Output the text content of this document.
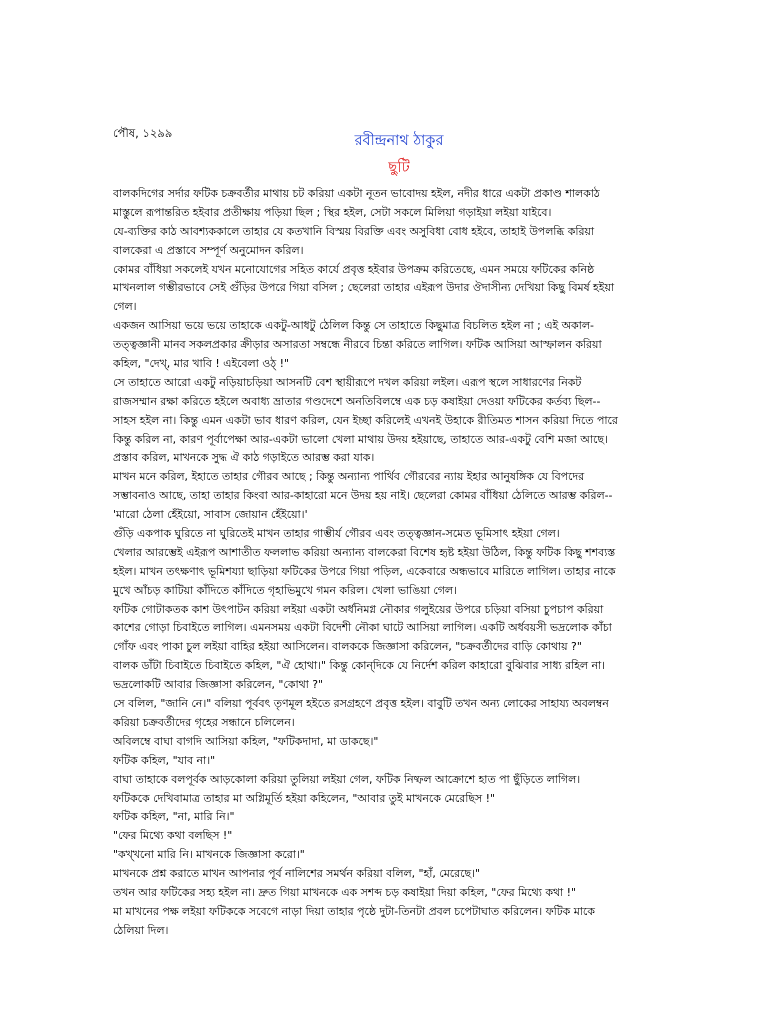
পৌষ, ১২৯৯	রবীন্দ্রনাথ ঠাকুর
ছুটি
বালকদিগের সর্দার ফটিক চক্রবর্তীর মাথায় চট করিয়া একটা নূতন ভাবোদয় হইল, নদীর ধারে একটা প্রকাণ্ড শালকাঠ
মাস্তুলে রূপান্তরিত হইবার প্রতীক্ষায় পড়িয়া ছিল ; স্থির হইল, সেটা সকলে মিলিয়া গড়াইয়া লইয়া যাইবে।
যে-ব্যক্তির কাঠ আবশ্যককালে তাহার যে কতখানি বিস্ময় বিরক্তি এবং অসুবিধা বোধ হইবে, তাহাই উপলব্ধি করিয়া
বালকেরা এ প্রস্তাবে সম্পূর্ণ অনুমোদন করিল।
কোমর বাঁধিয়া সকলেই যখন মনোযোগের সহিত কার্যে প্রবৃত্ত হইবার উপক্রম করিতেছে, এমন সময়ে ফটিকের কনিষ্ঠ
মাখনলাল গম্ভীরভাবে সেই গুঁড়ির উপরে গিয়া বসিল ; ছেলেরা তাহার এইরূপ উদার ঔদাসীন্য দেখিয়া কিছু বিমর্ষ হইয়া
গেল।
একজন আসিয়া ভয়ে ভয়ে তাহাকে একটু-আধটু ঠেলিল কিন্তু সে তাহাতে কিছুমাত্র বিচলিত হইল না ; এই অকাল-
তত্ত্বজ্ঞানী মানব সকলপ্রকার ক্রীড়ার অসারতা সম্বন্ধে নীরবে চিন্তা করিতে লাগিল। ফটিক আসিয়া আস্ফালন করিয়া
কহিল, "দেখ্‌, মার খাবি ! এইবেলা ওঠ্‌ !"
সে তাহাতে আরো একটু নড়িয়াচড়িয়া আসনটি বেশ স্থায়ীরূপে দখল করিয়া লইল। এরূপ স্থলে সাধারণের নিকট
রাজসম্মান রক্ষা করিতে হইলে অবাধ্য ভ্রাতার গণ্ডদেশে অনতিবিলম্বে এক চড় কষাইয়া দেওয়া ফটিকের কর্তব্য ছিল--
সাহস হইল না। কিন্তু এমন একটা ভাব ধারণ করিল, যেন ইচ্ছা করিলেই এখনই উহাকে রীতিমত শাসন করিয়া দিতে পারে
কিন্তু করিল না, কারণ পূর্বাপেক্ষা আর-একটা ভালো খেলা মাথায় উদয় হইয়াছে, তাহাতে আর-একটু বেশি মজা আছে।
প্রস্তাব করিল, মাখনকে সুদ্ধ ঐ কাঠ গড়াইতে আরম্ভ করা যাক।
মাখন মনে করিল, ইহাতে তাহার গৌরব আছে ; কিন্তু অন্যান্য পার্থিব গৌরবের ন্যায় ইহার আনুষঙ্গিক যে বিপদের
সম্ভাবনাও আছে, তাহা তাহার কিংবা আর-কাহারো মনে উদয় হয় নাই। ছেলেরা কোমর বাঁধিয়া ঠেলিতে আরম্ভ করিল--
'মারো ঠেলা হেঁইয়ো, সাবাস জোয়ান হেঁইয়ো।'
গুঁড়ি একপাক ঘুরিতে না ঘুরিতেই মাখন তাহার গাম্ভীর্য গৌরব এবং তত্ত্বজ্ঞান-সমেত ভূমিসাৎ হইয়া গেল।
খেলার আরম্ভেই এইরূপ আশাতীত ফললাভ করিয়া অন্যান্য বালকেরা বিশেষ হৃষ্ট হইয়া উঠিল, কিন্তু ফটিক কিছু শশব্যস্ত
হইল। মাখন তৎক্ষণাৎ ভূমিশয্যা ছাড়িয়া ফটিকের উপরে গিয়া পড়িল, একেবারে অন্ধভাবে মারিতে লাগিল। তাহার নাকে
মুখে আঁচড় কাটিয়া কাঁদিতে কাঁদিতে গৃহাভিমুখে গমন করিল। খেলা ভাঙিয়া গেল।
ফটিক গোটাকতক কাশ উৎপাটন করিয়া লইয়া একটা অর্ধনিমগ্ন নৌকার গলুইয়ের উপরে চড়িয়া বসিয়া চুপচাপ করিয়া
কাশের গোড়া চিবাইতে লাগিল। এমনসময় একটা বিদেশী নৌকা ঘাটে আসিয়া লাগিল। একটি অর্ধবয়সী ভদ্রলোক কাঁচা
গোঁফ এবং পাকা চুল লইয়া বাহির হইয়া আসিলেন। বালককে জিজ্ঞাসা করিলেন, "চক্রবর্তীদের বাড়ি কোথায় ?"
বালক ডাঁটা চিবাইতে চিবাইতে কহিল, "ঐ হোথা।" কিন্তু কোন্‌দিকে যে নির্দেশ করিল কাহারো বুঝিবার সাধ্য রহিল না।
ভদ্রলোকটি আবার জিজ্ঞাসা করিলেন, "কোথা ?"
সে বলিল, "জানি নে।" বলিয়া পূর্ববৎ তৃণমূল হইতে রসগ্রহণে প্রবৃত্ত হইল। বাবুটি তখন অন্য লোকের সাহায্য অবলম্বন
করিয়া চক্রবর্তীদের গৃহের সন্ধানে চলিলেন।
অবিলম্বে বাঘা বাগদি আসিয়া কহিল, "ফটিকদাদা, মা ডাকছে।"
ফটিক কহিল, "যাব না।"
বাঘা তাহাকে বলপূর্বক আড়কোলা করিয়া তুলিয়া লইয়া গেল, ফটিক নিষ্ফল আক্রোশে হাত পা ছুঁড়িতে লাগিল।
ফটিককে দেখিবামাত্র তাহার মা অগ্নিমূর্তি হইয়া কহিলেন, "আবার তুই মাখনকে মেরেছিস !"
ফটিক কহিল, "না, মারি নি।"
"ফের মিথ্যে কথা বলছিস !"
"কখ্‌খনো মারি নি। মাখনকে জিজ্ঞাসা করো।"
মাখনকে প্রশ্ন করাতে মাখন আপনার পূর্ব নালিশের সমর্থন করিয়া বলিল, "হাঁ, মেরেছে।"
তখন আর ফটিকের সহ্য হইল না। দ্রুত গিয়া মাখনকে এক সশব্দ চড় কষাইয়া দিয়া কহিল, "ফের মিথ্যে কথা !"
মা মাখনের পক্ষ লইয়া ফটিককে সবেগে নাড়া দিয়া তাহার পৃষ্ঠে দুটা-তিনটা প্রবল চপেটাঘাত করিলেন। ফটিক মাকে
ঠেলিয়া দিল।
